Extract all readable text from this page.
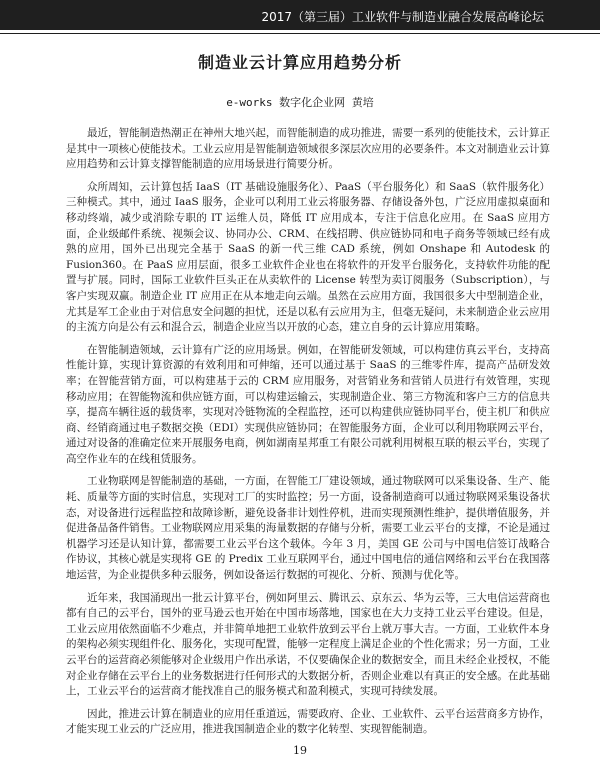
2017（第三届）工业软件与制造业融合发展高峰论坛
制造业云计算应用趋势分析
e-works 数字化企业网 黄培

最近，智能制造热潮正在神州大地兴起，而智能制造的成功推进，需要一系列的使能技术，云计算正是其中一项核心使能技术。工业云应用是智能制造领域很多深层次应用的必要条件。本文对制造业云计算应用趋势和云计算支撑智能制造的应用场景进行简要分析。

众所周知，云计算包括 IaaS（IT 基础设施服务化）、PaaS（平台服务化）和 SaaS（软件服务化）三种模式。其中，通过 IaaS 服务，企业可以利用工业云将服务器、存储设备外包，广泛应用虚拟桌面和移动终端，减少或消除专职的 IT 运维人员，降低 IT 应用成本，专注于信息化应用。在 SaaS 应用方面，企业级邮件系统、视频会议、协同办公、CRM、在线招聘、供应链协同和电子商务等领域已经有成熟的应用，国外已出现完全基于 SaaS 的新一代三维 CAD 系统，例如 Onshape 和 Autodesk 的 Fusion360。在 PaaS 应用层面，很多工业软件企业也在将软件的开发平台服务化，支持软件功能的配置与扩展。同时，国际工业软件巨头正在从卖软件的 License 转型为卖订阅服务（Subscription），与客户实现双赢。制造企业 IT 应用正在从本地走向云端。虽然在云应用方面，我国很多大中型制造企业，尤其是军工企业由于对信息安全问题的担忧，还是以私有云应用为主，但毫无疑问，未来制造企业云应用的主流方向是公有云和混合云，制造企业应当以开放的心态，建立自身的云计算应用策略。

在智能制造领域，云计算有广泛的应用场景。例如，在智能研发领域，可以构建仿真云平台，支持高性能计算，实现计算资源的有效利用和可伸缩，还可以通过基于 SaaS 的三维零件库，提高产品研发效率；在智能营销方面，可以构建基于云的 CRM 应用服务，对营销业务和营销人员进行有效管理，实现移动应用；在智能物流和供应链方面，可以构建运输云，实现制造企业、第三方物流和客户三方的信息共享，提高车辆往返的载货率，实现对冷链物流的全程监控，还可以构建供应链协同平台，使主机厂和供应商、经销商通过电子数据交换（EDI）实现供应链协同；在智能服务方面，企业可以利用物联网云平台，通过对设备的准确定位来开展服务电商，例如湖南星邦重工有限公司就利用树根互联的根云平台，实现了高空作业车的在线租赁服务。

工业物联网是智能制造的基础，一方面，在智能工厂建设领域，通过物联网可以采集设备、生产、能耗、质量等方面的实时信息，实现对工厂的实时监控；另一方面，设备制造商可以通过物联网采集设备状态，对设备进行远程监控和故障诊断，避免设备非计划性停机，进而实现预测性维护，提供增值服务，并促进备品备件销售。工业物联网应用采集的海量数据的存储与分析，需要工业云平台的支撑，不论是通过机器学习还是认知计算，都需要工业云平台这个载体。今年 3 月，美国 GE 公司与中国电信签订战略合作协议，其核心就是实现将 GE 的 Predix 工业互联网平台，通过中国电信的通信网络和云平台在我国落地运营，为企业提供多种云服务，例如设备运行数据的可视化、分析、预测与优化等。

近年来，我国涌现出一批云计算平台，例如阿里云、腾讯云、京东云、华为云等，三大电信运营商也都有自己的云平台，国外的亚马逊云也开始在中国市场落地，国家也在大力支持工业云平台建设。但是，工业云应用依然面临不少难点，并非简单地把工业软件放到云平台上就万事大吉。一方面，工业软件本身的架构必须实现组件化、服务化，实现可配置，能够一定程度上满足企业的个性化需求；另一方面，工业云平台的运营商必须能够对企业级用户作出承诺，不仅要确保企业的数据安全，而且未经企业授权，不能对企业存储在云平台上的业务数据进行任何形式的大数据分析，否则企业难以有真正的安全感。在此基础上，工业云平台的运营商才能找准自己的服务模式和盈利模式，实现可持续发展。

因此，推进云计算在制造业的应用任重道远，需要政府、企业、工业软件、云平台运营商多方协作，才能实现工业云的广泛应用，推进我国制造企业的数字化转型、实现智能制造。

19
